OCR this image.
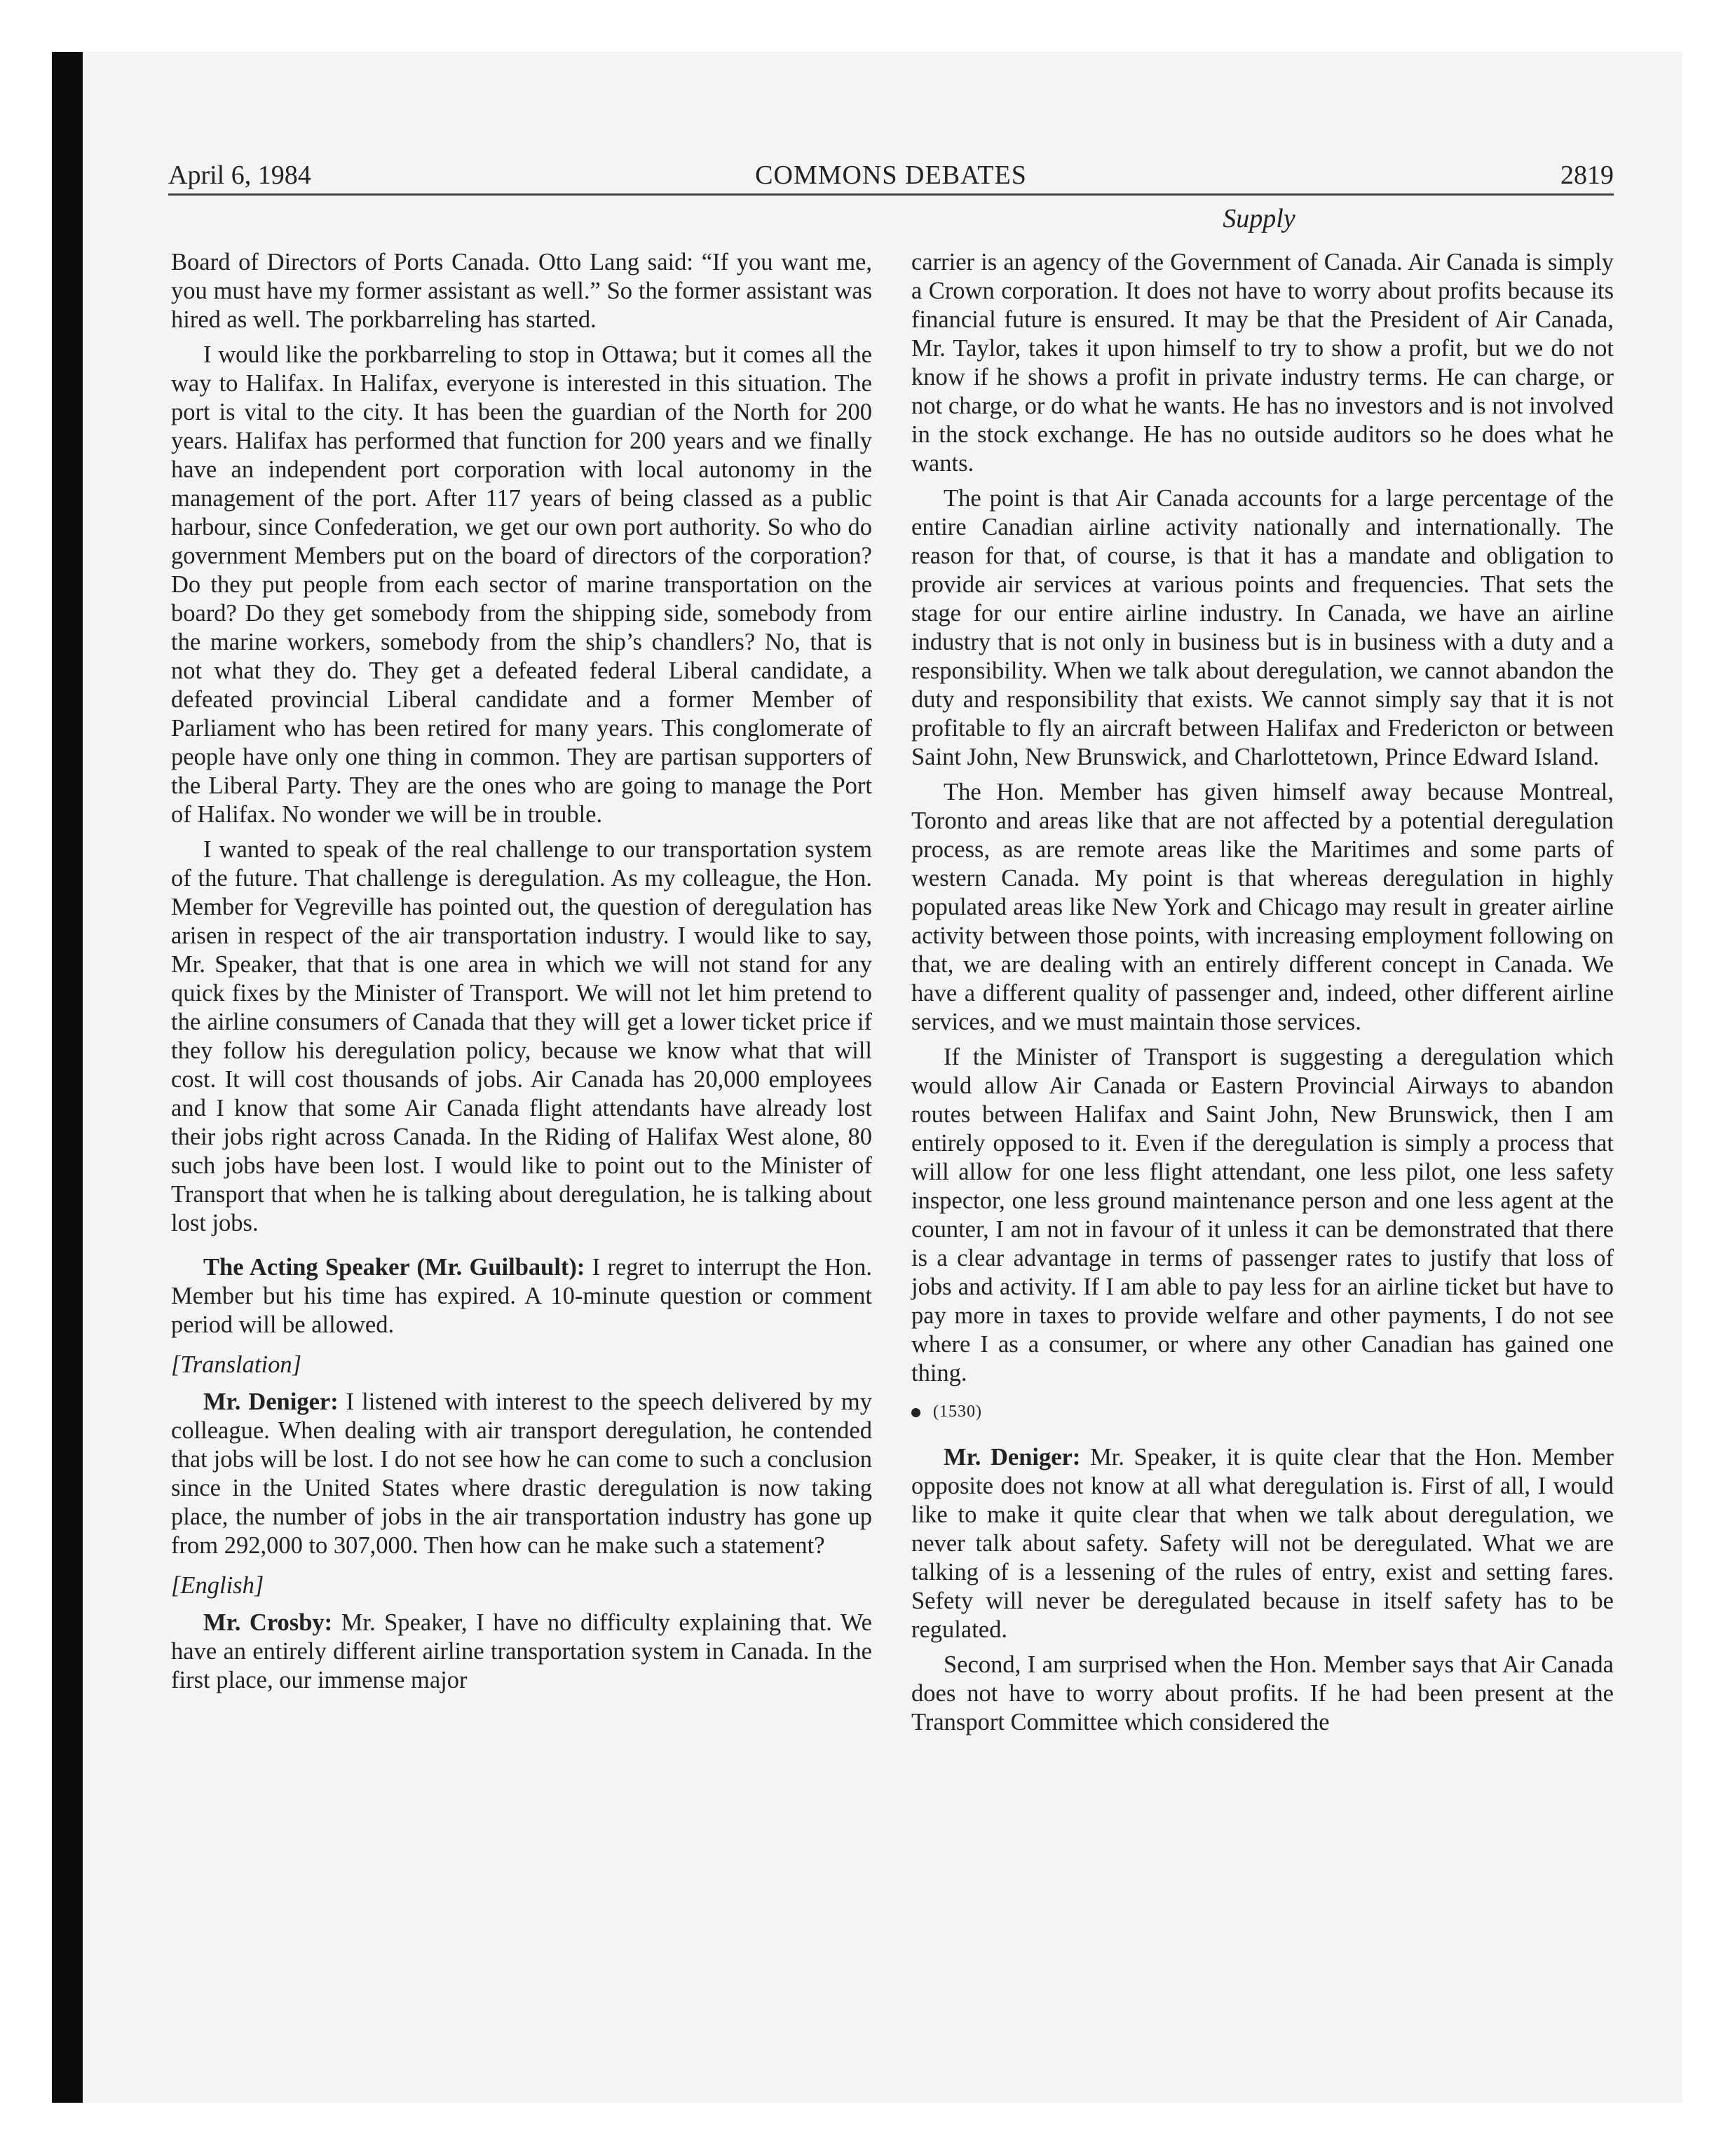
April 6, 1984	COMMONS DEBATES	2819
Supply

Board of Directors of Ports Canada. Otto Lang said: “If you want me, you must have my former assistant as well.” So the former assistant was hired as well. The porkbarreling has started.

I would like the porkbarreling to stop in Ottawa; but it comes all the way to Halifax. In Halifax, everyone is interested in this situation. The port is vital to the city. It has been the guardian of the North for 200 years. Halifax has performed that function for 200 years and we finally have an independent port corporation with local autonomy in the management of the port. After 117 years of being classed as a public harbour, since Confederation, we get our own port authority. So who do government Members put on the board of directors of the corporation? Do they put people from each sector of marine transportation on the board? Do they get somebody from the shipping side, somebody from the marine workers, somebody from the ship’s chandlers? No, that is not what they do. They get a defeated federal Liberal candidate, a defeated provincial Liberal candidate and a former Member of Parliament who has been retired for many years. This conglomerate of people have only one thing in common. They are partisan supporters of the Liberal Party. They are the ones who are going to manage the Port of Halifax. No wonder we will be in trouble.

I wanted to speak of the real challenge to our transportation system of the future. That challenge is deregulation. As my colleague, the Hon. Member for Vegreville has pointed out, the question of deregulation has arisen in respect of the air transportation industry. I would like to say, Mr. Speaker, that that is one area in which we will not stand for any quick fixes by the Minister of Transport. We will not let him pretend to the airline consumers of Canada that they will get a lower ticket price if they follow his deregulation policy, because we know what that will cost. It will cost thousands of jobs. Air Canada has 20,000 employees and I know that some Air Canada flight attendants have already lost their jobs right across Canada. In the Riding of Halifax West alone, 80 such jobs have been lost. I would like to point out to the Minister of Transport that when he is talking about deregulation, he is talking about lost jobs.

The Acting Speaker (Mr. Guilbault): I regret to interrupt the Hon. Member but his time has expired. A 10-minute question or comment period will be allowed.

[Translation]

Mr. Deniger: I listened with interest to the speech delivered by my colleague. When dealing with air transport deregulation, he contended that jobs will be lost. I do not see how he can come to such a conclusion since in the United States where drastic deregulation is now taking place, the number of jobs in the air transportation industry has gone up from 292,000 to 307,000. Then how can he make such a statement?

[English]

Mr. Crosby: Mr. Speaker, I have no difficulty explaining that. We have an entirely different airline transportation system in Canada. In the first place, our immense major

carrier is an agency of the Government of Canada. Air Canada is simply a Crown corporation. It does not have to worry about profits because its financial future is ensured. It may be that the President of Air Canada, Mr. Taylor, takes it upon himself to try to show a profit, but we do not know if he shows a profit in private industry terms. He can charge, or not charge, or do what he wants. He has no investors and is not involved in the stock exchange. He has no outside auditors so he does what he wants.

The point is that Air Canada accounts for a large percentage of the entire Canadian airline activity nationally and internationally. The reason for that, of course, is that it has a mandate and obligation to provide air services at various points and frequencies. That sets the stage for our entire airline industry. In Canada, we have an airline industry that is not only in business but is in business with a duty and a responsibility. When we talk about deregulation, we cannot abandon the duty and responsibility that exists. We cannot simply say that it is not profitable to fly an aircraft between Halifax and Fredericton or between Saint John, New Brunswick, and Charlottetown, Prince Edward Island.

The Hon. Member has given himself away because Montreal, Toronto and areas like that are not affected by a potential deregulation process, as are remote areas like the Maritimes and some parts of western Canada. My point is that whereas deregulation in highly populated areas like New York and Chicago may result in greater airline activity between those points, with increasing employment following on that, we are dealing with an entirely different concept in Canada. We have a different quality of passenger and, indeed, other different airline services, and we must maintain those services.

If the Minister of Transport is suggesting a deregulation which would allow Air Canada or Eastern Provincial Airways to abandon routes between Halifax and Saint John, New Brunswick, then I am entirely opposed to it. Even if the deregulation is simply a process that will allow for one less flight attendant, one less pilot, one less safety inspector, one less ground maintenance person and one less agent at the counter, I am not in favour of it unless it can be demonstrated that there is a clear advantage in terms of passenger rates to justify that loss of jobs and activity. If I am able to pay less for an airline ticket but have to pay more in taxes to provide welfare and other payments, I do not see where I as a consumer, or where any other Canadian has gained one thing.

(1530)

Mr. Deniger: Mr. Speaker, it is quite clear that the Hon. Member opposite does not know at all what deregulation is. First of all, I would like to make it quite clear that when we talk about deregulation, we never talk about safety. Safety will not be deregulated. What we are talking of is a lessening of the rules of entry, exist and setting fares. Sefety will never be deregulated because in itself safety has to be regulated.

Second, I am surprised when the Hon. Member says that Air Canada does not have to worry about profits. If he had been present at the Transport Committee which considered the
